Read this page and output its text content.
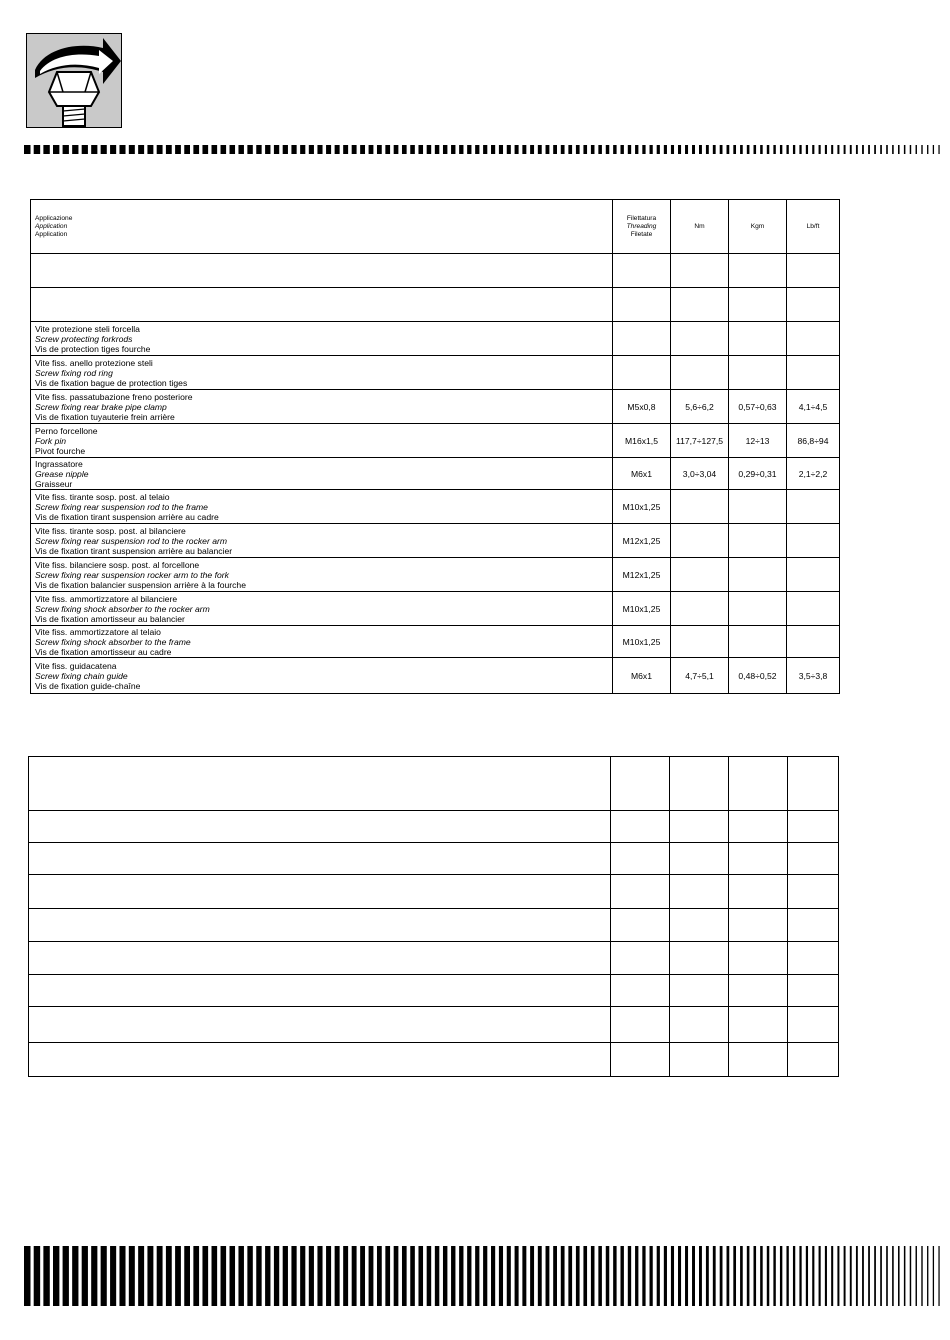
Applicazione
Application
Application	Filettatura
Threading
Filetate	Nm	Kgm	Lb/ft

Vite protezione steli forcella
Screw protecting forkrods
Vis de protection tiges fourche				

Vite fiss. anello protezione steli
Screw fixing rod ring
Vis de fixation bague de protection tiges				

Vite fiss. passatubazione freno posteriore
Screw fixing rear brake pipe clamp
Vis de fixation tuyauterie frein arrière	M5x0,8	5,6÷6,2	0,57÷0,63	4,1÷4,5

Perno forcellone
Fork pin
Pivot fourche	M16x1,5	117,7÷127,5	12÷13	86,8÷94

Ingrassatore
Grease nipple
Graisseur	M6x1	3,0÷3,04	0,29÷0,31	2,1÷2,2

Vite fiss. tirante sosp. post. al telaio
Screw fixing rear suspension rod to the frame
Vis de fixation tirant suspension arrière au cadre	M10x1,25			

Vite fiss. tirante sosp. post. al bilanciere
Screw fixing rear suspension rod to the rocker arm
Vis de fixation tirant suspension arrière au balancier	M12x1,25			

Vite fiss. bilanciere sosp. post. al forcellone
Screw fixing rear suspension rocker arm to the fork
Vis de fixation balancier suspension arrière à la fourche	M12x1,25			

Vite fiss. ammortizzatore al bilanciere
Screw fixing shock absorber to the rocker arm
Vis de fixation amortisseur au balancier	M10x1,25			

Vite fiss. ammortizzatore al telaio
Screw fixing shock absorber to the frame
Vis de fixation amortisseur au cadre	M10x1,25			

Vite fiss. guidacatena
Screw fixing chain guide
Vis de fixation guide-chaîne	M6x1	4,7÷5,1	0,48÷0,52	3,5÷3,8
